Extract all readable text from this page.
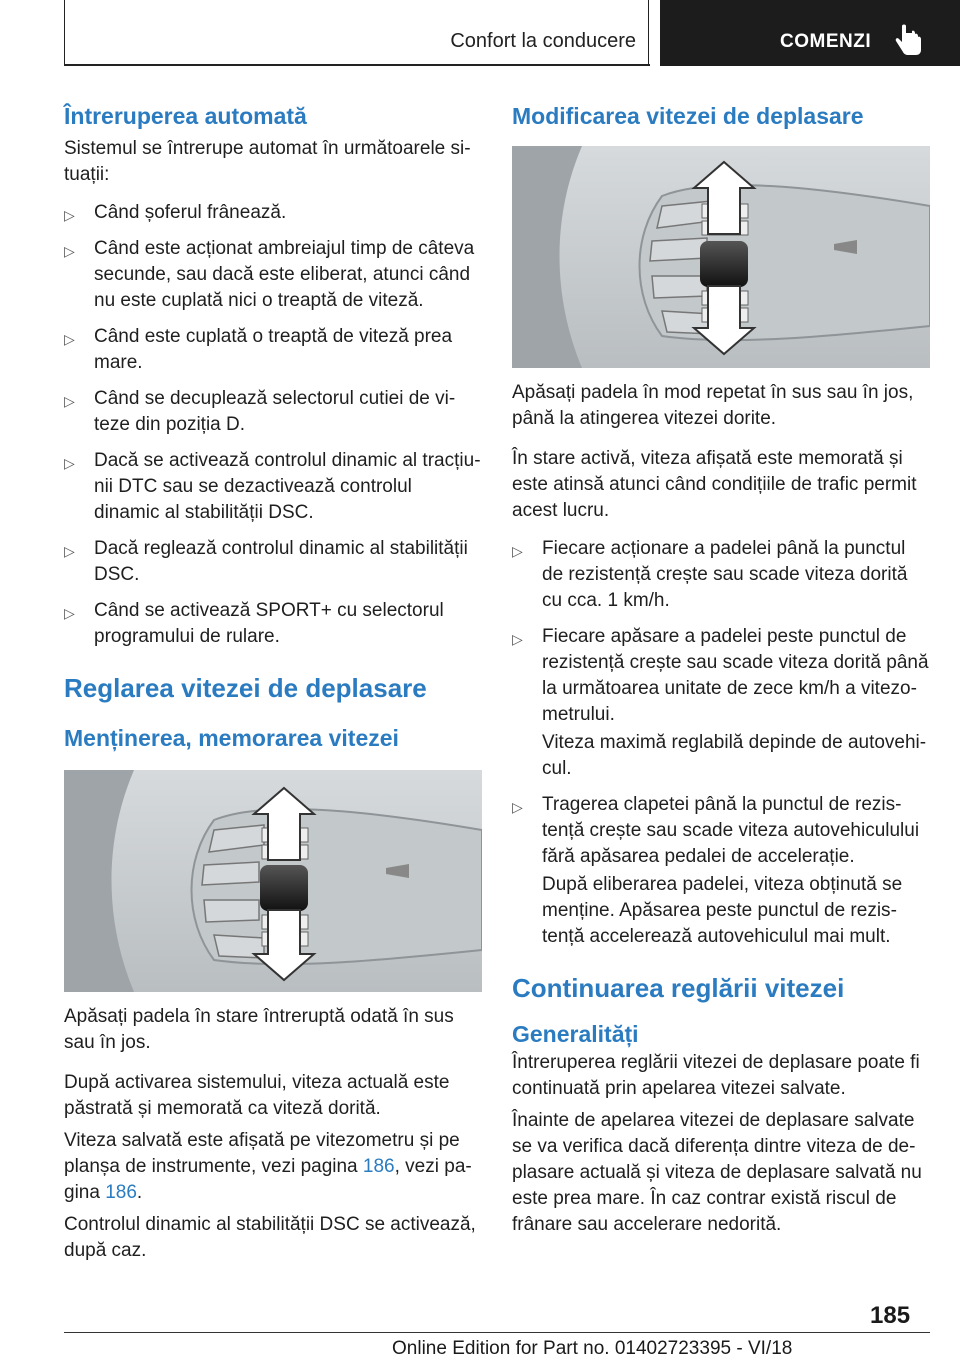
Confort la conducere	COMENZI
Întreruperea automată

Sistemul se întrerupe automat în următoarele situații:

▷ Când șoferul frânează.
▷ Când este acționat ambreiajul timp de câteva secunde, sau dacă este eliberat, atunci când nu este cuplată nici o treaptă de viteză.
▷ Când este cuplată o treaptă de viteză prea mare.
▷ Când se decuplează selectorul cutiei de viteze din poziția D.
▷ Dacă se activează controlul dinamic al tracțiunii DTC sau se dezactivează controlul dinamic al stabilității DSC.
▷ Dacă reglează controlul dinamic al stabilității DSC.
▷ Când se activează SPORT+ cu selectorul programului de rulare.
Reglarea vitezei de deplasare
Menținerea, memorarea vitezei

Apăsați padela în stare întreruptă odată în sus sau în jos.

După activarea sistemului, viteza actuală este păstrată și memorată ca viteză dorită.

Viteza salvată este afișată pe vitezometru și pe planșa de instrumente, vezi pagina 186, vezi pagina 186.

Controlul dinamic al stabilității DSC se activează, după caz.

Modificarea vitezei de deplasare

Apăsați padela în mod repetat în sus sau în jos, până la atingerea vitezei dorite.

În stare activă, viteza afișată este memorată și este atinsă atunci când condițiile de trafic permit acest lucru.

▷ Fiecare acționare a padelei până la punctul de rezistență crește sau scade viteza dorită cu cca. 1 km/h.
▷ Fiecare apăsare a padelei peste punctul de rezistență crește sau scade viteza dorită până la următoarea unitate de zece km/h a vitezometrului.
Viteza maximă reglabilă depinde de autovehicul.
▷ Tragerea clapetei până la punctul de rezistență crește sau scade viteza autovehiculului fără apăsarea pedalei de accelerație.
După eliberarea padelei, viteza obținută se menține. Apăsarea peste punctul de rezistență accelerează autovehiculul mai mult.
Continuarea reglării vitezei
Generalități

Întreruperea reglării vitezei de deplasare poate fi continuată prin apelarea vitezei salvate.

Înainte de apelarea vitezei de deplasare salvate se va verifica dacă diferența dintre viteza de deplasare actuală și viteza de deplasare salvată nu este prea mare. În caz contrar există riscul de frânare sau accelerare nedorită.

185
Online Edition for Part no. 01402723395 - VI/18
